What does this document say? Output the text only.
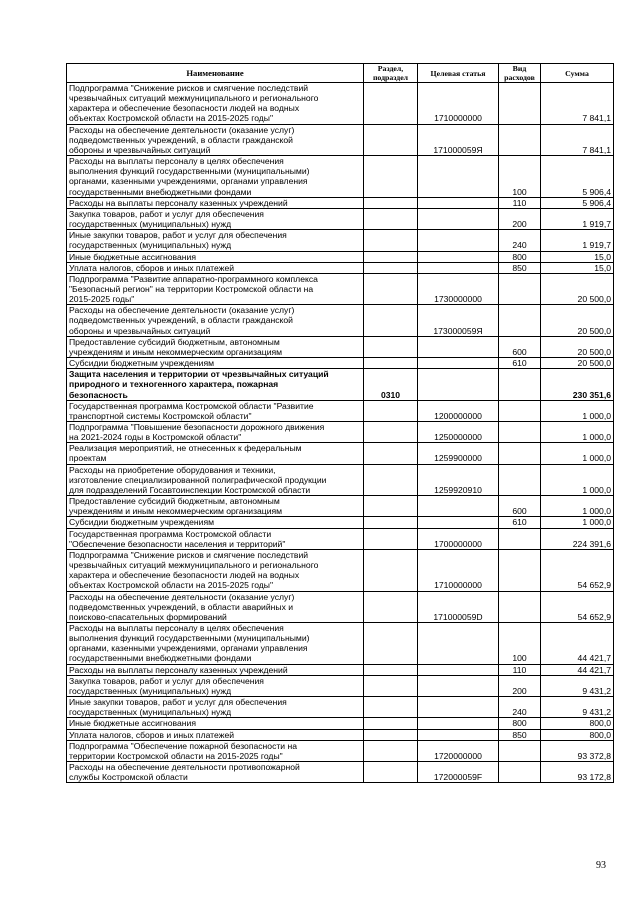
Наименование	Раздел, подраздел	Целевая статья	Вид расходов	Сумма
Подпрограмма "Снижение рисков и смягчение последствий
чрезвычайных ситуаций межмуниципального и регионального
характера и обеспечение безопасности людей на водных
объектах Костромской области на 2015-2025 годы"		1710000000		7 841,1
Расходы на обеспечение деятельности (оказание услуг)
подведомственных учреждений, в области гражданской
обороны и чрезвычайных ситуаций		171000059Я		7 841,1
Расходы на выплаты персоналу в целях обеспечения
выполнения функций государственными (муниципальными)
органами, казенными учреждениями, органами управления
государственными внебюджетными фондами			100	5 906,4
Расходы на выплаты персоналу казенных учреждений			110	5 906,4
Закупка товаров, работ и услуг для обеспечения
государственных (муниципальных) нужд			200	1 919,7
Иные закупки товаров, работ и услуг для обеспечения
государственных (муниципальных) нужд			240	1 919,7
Иные бюджетные ассигнования			800	15,0
Уплата налогов, сборов и иных платежей			850	15,0
Подпрограмма "Развитие аппаратно-программного комплекса
"Безопасный регион" на территории Костромской области на
2015-2025 годы"		1730000000		20 500,0
Расходы на обеспечение деятельности (оказание услуг)
подведомственных учреждений, в области гражданской
обороны и чрезвычайных ситуаций		173000059Я		20 500,0
Предоставление субсидий бюджетным, автономным
учреждениям и иным некоммерческим организациям			600	20 500,0
Субсидии бюджетным учреждениям			610	20 500,0
Защита населения и территории от чрезвычайных ситуаций
природного и техногенного характера, пожарная
безопасность	0310			230 351,6
Государственная программа Костромской области "Развитие
транспортной системы Костромской области"		1200000000		1 000,0
Подпрограмма "Повышение безопасности дорожного движения
на 2021-2024 годы в Костромской области"		1250000000		1 000,0
Реализация мероприятий, не отнесенных к федеральным
проектам		1259900000		1 000,0
Расходы на приобретение оборудования и техники,
изготовление специализированной полиграфической продукции
для подразделений Госавтоинспекции Костромской области		1259920910		1 000,0
Предоставление субсидий бюджетным, автономным
учреждениям и иным некоммерческим организациям			600	1 000,0
Субсидии бюджетным учреждениям			610	1 000,0
Государственная программа Костромской области
"Обеспечение безопасности населения и территорий"		1700000000		224 391,6
Подпрограмма "Снижение рисков и смягчение последствий
чрезвычайных ситуаций межмуниципального и регионального
характера и обеспечение безопасности людей на водных
объектах Костромской области на 2015-2025 годы"		1710000000		54 652,9
Расходы на обеспечение деятельности (оказание услуг)
подведомственных учреждений, в области аварийных и
поисково-спасательных формирований		171000059D		54 652,9
Расходы на выплаты персоналу в целях обеспечения
выполнения функций государственными (муниципальными)
органами, казенными учреждениями, органами управления
государственными внебюджетными фондами			100	44 421,7
Расходы на выплаты персоналу казенных учреждений			110	44 421,7
Закупка товаров, работ и услуг для обеспечения
государственных (муниципальных) нужд			200	9 431,2
Иные закупки товаров, работ и услуг для обеспечения
государственных (муниципальных) нужд			240	9 431,2
Иные бюджетные ассигнования			800	800,0
Уплата налогов, сборов и иных платежей			850	800,0
Подпрограмма "Обеспечение пожарной безопасности на
территории Костромской области на 2015-2025 годы"		1720000000		93 372,8
Расходы на обеспечение деятельности противопожарной
службы Костромской области		172000059F		93 172,8
93
